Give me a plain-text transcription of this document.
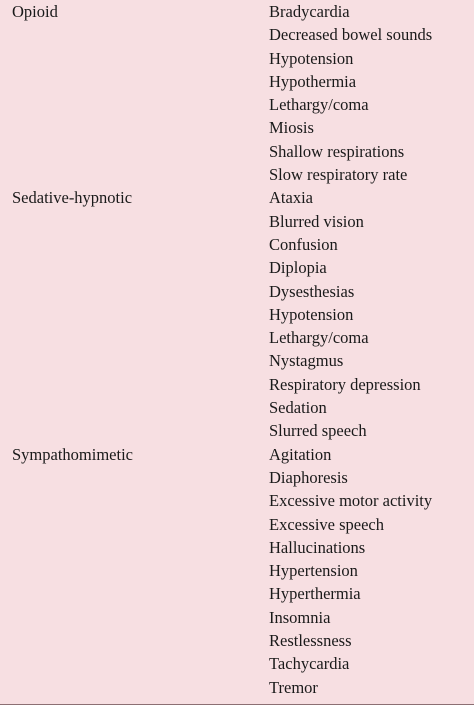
Opioid	Bradycardia
Decreased bowel sounds
Hypotension
Hypothermia
Lethargy/coma
Miosis
Shallow respirations
Slow respiratory rate
Sedative-hypnotic	Ataxia
Blurred vision
Confusion
Diplopia
Dysesthesias
Hypotension
Lethargy/coma
Nystagmus
Respiratory depression
Sedation
Slurred speech
Sympathomimetic	Agitation
Diaphoresis
Excessive motor activity
Excessive speech
Hallucinations
Hypertension
Hyperthermia
Insomnia
Restlessness
Tachycardia
Tremor
